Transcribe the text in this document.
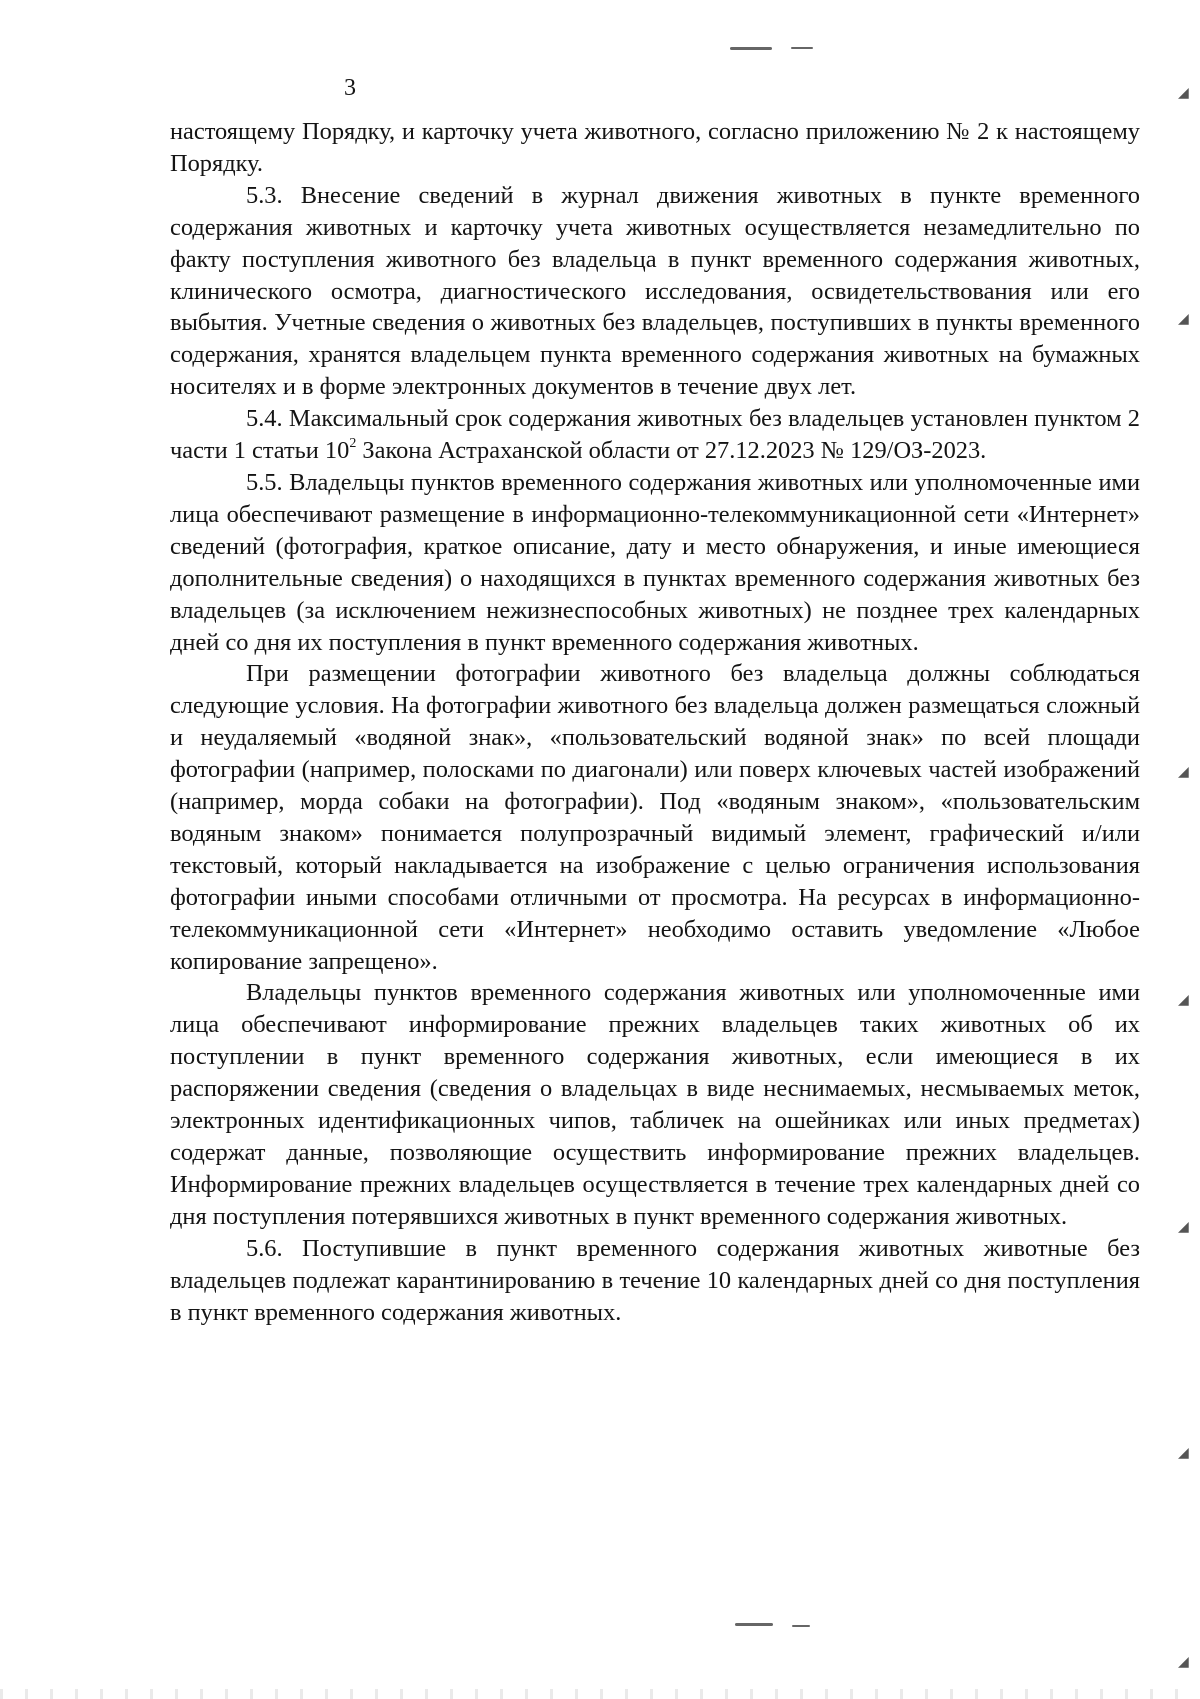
◢
◢
◢
◢
◢
◢
◢
3

настоящему Порядку, и карточку учета животного, согласно приложению № 2 к настоящему Порядку.

5.3. Внесение сведений в журнал движения животных в пункте временного содержания животных и карточку учета животных осуществляется незамедлительно по факту поступления животного без владельца в пункт временного содержания животных, клинического осмотра, диагностического исследования, освидетельствования или его выбытия. Учетные сведения о животных без владельцев, поступивших в пункты временного содержания, хранятся владельцем пункта временного содержания животных на бумажных носителях и в форме электронных документов в течение двух лет.

5.4. Максимальный срок содержания животных без владельцев установлен пунктом 2 части 1 статьи $10^2$ Закона Астраханской области от 27.12.2023 № 129/ОЗ-2023.

5.5. Владельцы пунктов временного содержания животных или уполномоченные ими лица обеспечивают размещение в информационно-телекоммуникационной сети «Интернет» сведений (фотография, краткое описание, дату и место обнаружения, и иные имеющиеся дополнительные сведения) о находящихся в пунктах временного содержания животных без владельцев (за исключением нежизнеспособных животных) не позднее трех календарных дней со дня их поступления в пункт временного содержания животных.

При размещении фотографии животного без владельца должны соблюдаться следующие условия. На фотографии животного без владельца должен размещаться сложный и неудаляемый «водяной знак», «пользовательский водяной знак» по всей площади фотографии (например, полосками по диагонали) или поверх ключевых частей изображений (например, морда собаки на фотографии). Под «водяным знаком», «пользовательским водяным знаком» понимается полупрозрачный видимый элемент, графический и/или текстовый, который накладывается на изображение с целью ограничения использования фотографии иными способами отличными от просмотра. На ресурсах в информационно-телекоммуникационной сети «Интернет» необходимо оставить уведомление «Любое копирование запрещено».

Владельцы пунктов временного содержания животных или уполномоченные ими лица обеспечивают информирование прежних владельцев таких животных об их поступлении в пункт временного содержания животных, если имеющиеся в их распоряжении сведения (сведения о владельцах в виде неснимаемых, несмываемых меток, электронных идентификационных чипов, табличек на ошейниках или иных предметах) содержат данные, позволяющие осуществить информирование прежних владельцев. Информирование прежних владельцев осуществляется в течение трех календарных дней со дня поступления потерявшихся животных в пункт временного содержания животных.

5.6. Поступившие в пункт временного содержания животных животные без владельцев подлежат карантинированию в течение 10 календарных дней со дня поступления в пункт временного содержания животных.
